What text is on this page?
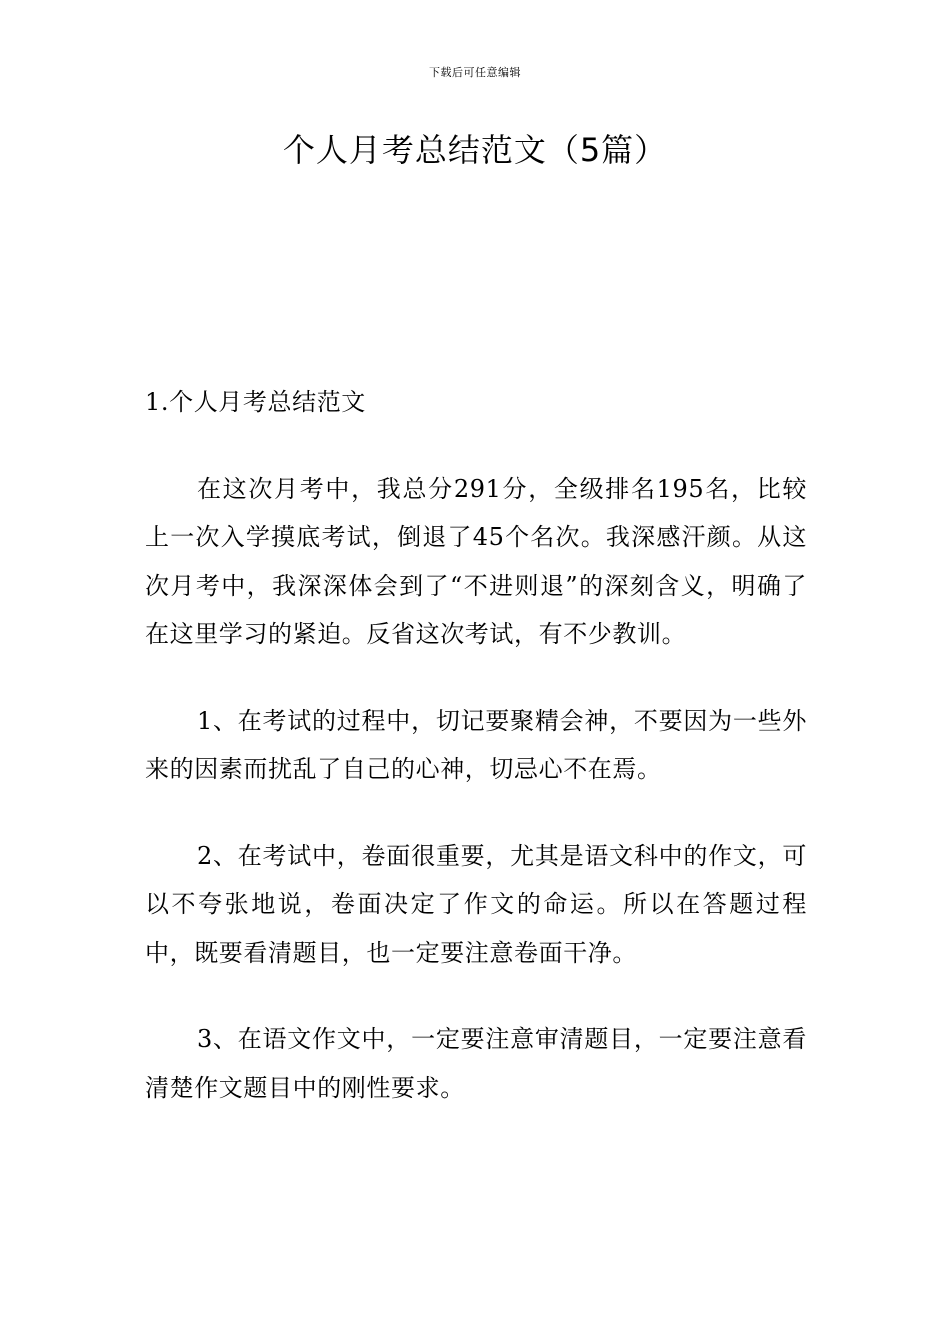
下载后可任意编辑
个人月考总结范文（5篇）
1.个人月考总结范文

在这次月考中，我总分291分，全级排名195名，比较上一次入学摸底考试，倒退了45个名次。我深感汗颜。从这次月考中，我深深体会到了“不进则退”的深刻含义，明确了在这里学习的紧迫。反省这次考试，有不少教训。

1、在考试的过程中，切记要聚精会神，不要因为一些外来的因素而扰乱了自己的心神，切忌心不在焉。

2、在考试中，卷面很重要，尤其是语文科中的作文，可以不夸张地说，卷面决定了作文的命运。所以在答题过程中，既要看清题目，也一定要注意卷面干净。

3、在语文作文中，一定要注意审清题目，一定要注意看清楚作文题目中的刚性要求。
